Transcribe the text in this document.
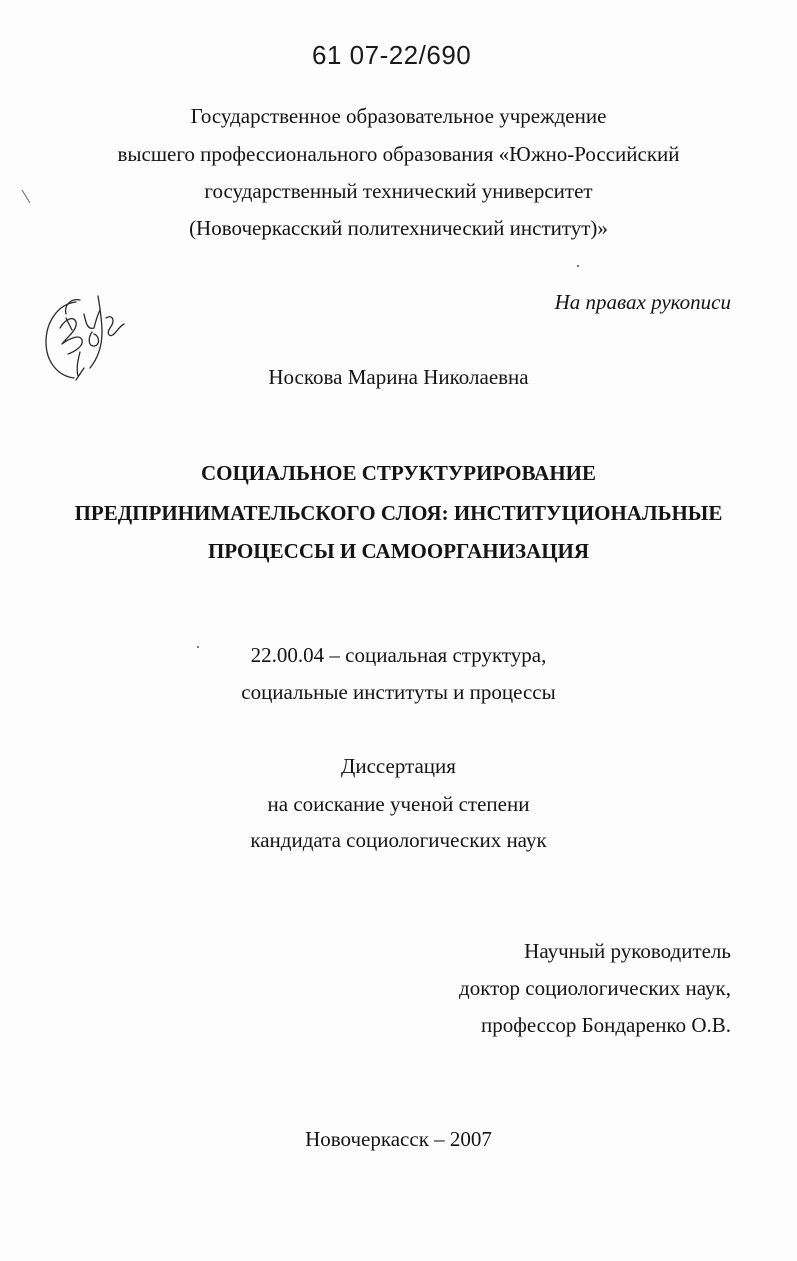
61 07-22/690
Государственное образовательное учреждение
высшего профессионального образования «Южно-Российский
государственный технический университет
(Новочеркасский политехнический институт)»
На правах рукописи
Носкова Марина Николаевна
СОЦИАЛЬНОЕ СТРУКТУРИРОВАНИЕ
ПРЕДПРИНИМАТЕЛЬСКОГО СЛОЯ: ИНСТИТУЦИОНАЛЬНЫЕ
ПРОЦЕССЫ И САМООРГАНИЗАЦИЯ
22.00.04 – социальная структура,
социальные институты и процессы
Диссертация
на соискание ученой степени
кандидата социологических наук
Научный руководитель
доктор социологических наук,
профессор Бондаренко О.В.
Новочеркасск – 2007
